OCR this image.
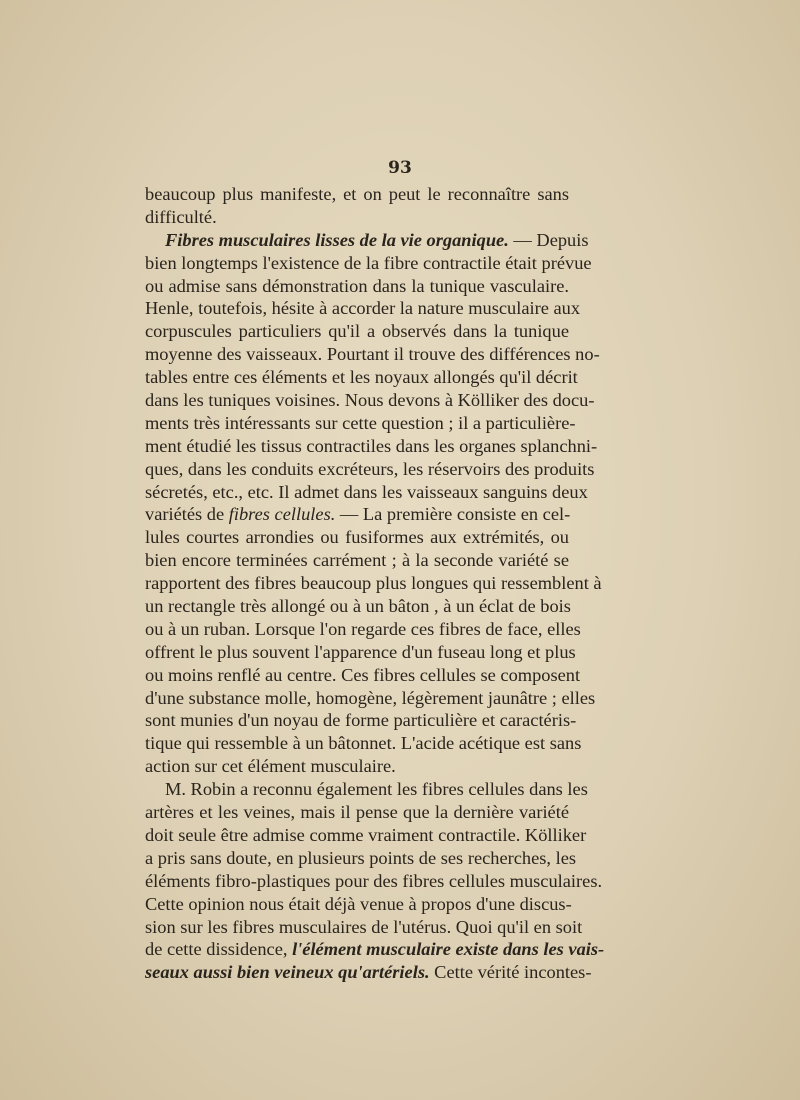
93
beaucoup plus manifeste, et on peut le reconnaître sans
difficulté.
Fibres musculaires lisses de la vie organique. — Depuis
bien longtemps l'existence de la fibre contractile était prévue
ou admise sans démonstration dans la tunique vasculaire.
Henle, toutefois, hésite à accorder la nature musculaire aux
corpuscules particuliers qu'il a observés dans la tunique
moyenne des vaisseaux. Pourtant il trouve des différences no-
tables entre ces éléments et les noyaux allongés qu'il décrit
dans les tuniques voisines. Nous devons à Kölliker des docu-
ments très intéressants sur cette question ; il a particulière-
ment étudié les tissus contractiles dans les organes splanchni-
ques, dans les conduits excréteurs, les réservoirs des produits
sécretés, etc., etc. Il admet dans les vaisseaux sanguins deux
variétés de fibres cellules. — La première consiste en cel-
lules courtes arrondies ou fusiformes aux extrémités, ou
bien encore terminées carrément ; à la seconde variété se
rapportent des fibres beaucoup plus longues qui ressemblent à
un rectangle très allongé ou à un bâton , à un éclat de bois
ou à un ruban. Lorsque l'on regarde ces fibres de face, elles
offrent le plus souvent l'apparence d'un fuseau long et plus
ou moins renflé au centre. Ces fibres cellules se composent
d'une substance molle, homogène, légèrement jaunâtre ; elles
sont munies d'un noyau de forme particulière et caractéris-
tique qui ressemble à un bâtonnet. L'acide acétique est sans
action sur cet élément musculaire.
M. Robin a reconnu également les fibres cellules dans les
artères et les veines, mais il pense que la dernière variété
doit seule être admise comme vraiment contractile. Kölliker
a pris sans doute, en plusieurs points de ses recherches, les
éléments fibro-plastiques pour des fibres cellules musculaires.
Cette opinion nous était déjà venue à propos d'une discus-
sion sur les fibres musculaires de l'utérus. Quoi qu'il en soit
de cette dissidence, l'élément musculaire existe dans les vais-
seaux aussi bien veineux qu'artériels. Cette vérité incontes-
